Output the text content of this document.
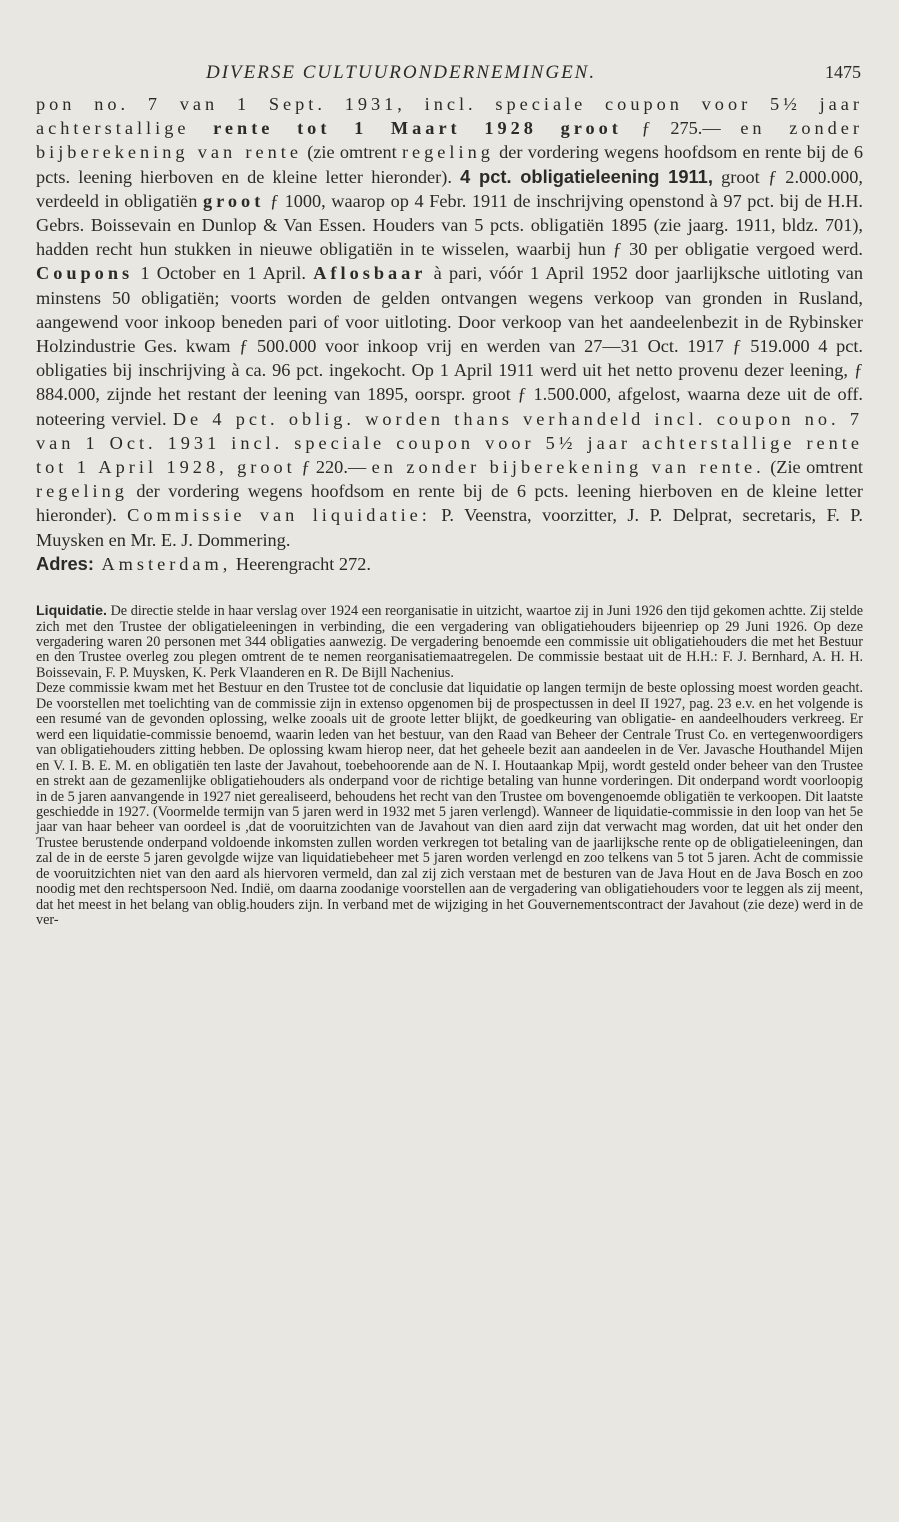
DIVERSE CULTUURONDERNEMINGEN.	1475

pon no. 7 van 1 Sept. 1931, incl. speciale coupon voor 5½ jaar achterstallige rente tot 1 Maart 1928 groot ƒ 275.— en zonder bijberekening van rente (zie omtrent regeling der vordering wegens hoofdsom en rente bij de 6 pcts. leening hierboven en de kleine letter hieronder). 4 pct. obligatieleening 1911, groot ƒ 2.000.000, verdeeld in obligatiën groot ƒ 1000, waarop op 4 Febr. 1911 de inschrijving openstond à 97 pct. bij de H.H. Gebrs. Boissevain en Dunlop & Van Essen. Houders van 5 pcts. obligatiën 1895 (zie jaarg. 1911, bldz. 701), hadden recht hun stukken in nieuwe obligatiën in te wisselen, waarbij hun ƒ 30 per obligatie vergoed werd. Coupons 1 October en 1 April. Aflosbaar à pari, vóór 1 April 1952 door jaarlijksche uitloting van minstens 50 obligatiën; voorts worden de gelden ontvangen wegens verkoop van gronden in Rusland, aangewend voor inkoop beneden pari of voor uitloting. Door verkoop van het aandeelenbezit in de Rybinsker Holzindustrie Ges. kwam ƒ 500.000 voor inkoop vrij en werden van 27—31 Oct. 1917 ƒ 519.000 4 pct. obligaties bij inschrijving à ca. 96 pct. ingekocht. Op 1 April 1911 werd uit het netto provenu dezer leening, ƒ 884.000, zijnde het restant der leening van 1895, oorspr. groot ƒ 1.500.000, afgelost, waarna deze uit de off. noteering verviel. De 4 pct. oblig. worden thans verhandeld incl. coupon no. 7 van 1 Oct. 1931 incl. speciale coupon voor 5½ jaar achterstallige rente tot 1 April 1928, groot ƒ 220.— en zonder bijberekening van rente. (Zie omtrent regeling der vordering wegens hoofdsom en rente bij de 6 pcts. leening hierboven en de kleine letter hieronder). Commissie van liquidatie: P. Veenstra, voorzitter, J. P. Delprat, secretaris, F. P. Muysken en Mr. E. J. Dommering.

Adres: Amsterdam, Heerengracht 272.

Liquidatie. De directie stelde in haar verslag over 1924 een reorganisatie in uitzicht, waartoe zij in Juni 1926 den tijd gekomen achtte. Zij stelde zich met den Trustee der obligatieleeningen in verbinding, die een vergadering van obligatiehouders bijeenriep op 29 Juni 1926. Op deze vergadering waren 20 personen met 344 obligaties aanwezig. De vergadering benoemde een commissie uit obligatiehouders die met het Bestuur en den Trustee overleg zou plegen omtrent de te nemen reorganisatiemaatregelen. De commissie bestaat uit de H.H.: F. J. Bernhard, A. H. H. Boissevain, F. P. Muysken, K. Perk Vlaanderen en R. De Bijll Nachenius.

Deze commissie kwam met het Bestuur en den Trustee tot de conclusie dat liquidatie op langen termijn de beste oplossing moest worden geacht. De voorstellen met toelichting van de commissie zijn in extenso opgenomen bij de prospectussen in deel II 1927, pag. 23 e.v. en het volgende is een resumé van de gevonden oplossing, welke zooals uit de groote letter blijkt, de goedkeuring van obligatie- en aandeelhouders verkreeg. Er werd een liquidatie-commissie benoemd, waarin leden van het bestuur, van den Raad van Beheer der Centrale Trust Co. en vertegenwoordigers van obligatiehouders zitting hebben. De oplossing kwam hierop neer, dat het geheele bezit aan aandeelen in de Ver. Javasche Houthandel Mijen en V. I. B. E. M. en obligatiën ten laste der Javahout, toebehoorende aan de N. I. Houtaankap Mpij, wordt gesteld onder beheer van den Trustee en strekt aan de gezamenlijke obligatiehouders als onderpand voor de richtige betaling van hunne vorderingen. Dit onderpand wordt voorloopig in de 5 jaren aanvangende in 1927 niet gerealiseerd, behoudens het recht van den Trustee om bovengenoemde obligatiën te verkoopen. Dit laatste geschiedde in 1927. (Voormelde termijn van 5 jaren werd in 1932 met 5 jaren verlengd). Wanneer de liquidatie-commissie in den loop van het 5e jaar van haar beheer van oordeel is ,dat de vooruitzichten van de Javahout van dien aard zijn dat verwacht mag worden, dat uit het onder den Trustee berustende onderpand voldoende inkomsten zullen worden verkregen tot betaling van de jaarlijksche rente op de obligatieleeningen, dan zal de in de eerste 5 jaren gevolgde wijze van liquidatiebeheer met 5 jaren worden verlengd en zoo telkens van 5 tot 5 jaren. Acht de commissie de vooruitzichten niet van den aard als hiervoren vermeld, dan zal zij zich verstaan met de besturen van de Java Hout en de Java Bosch en zoo noodig met den rechtspersoon Ned. Indië, om daarna zoodanige voorstellen aan de vergadering van obligatiehouders voor te leggen als zij meent, dat het meest in het belang van oblig.houders zijn. In verband met de wijziging in het Gouvernementscontract der Javahout (zie deze) werd in de ver-
